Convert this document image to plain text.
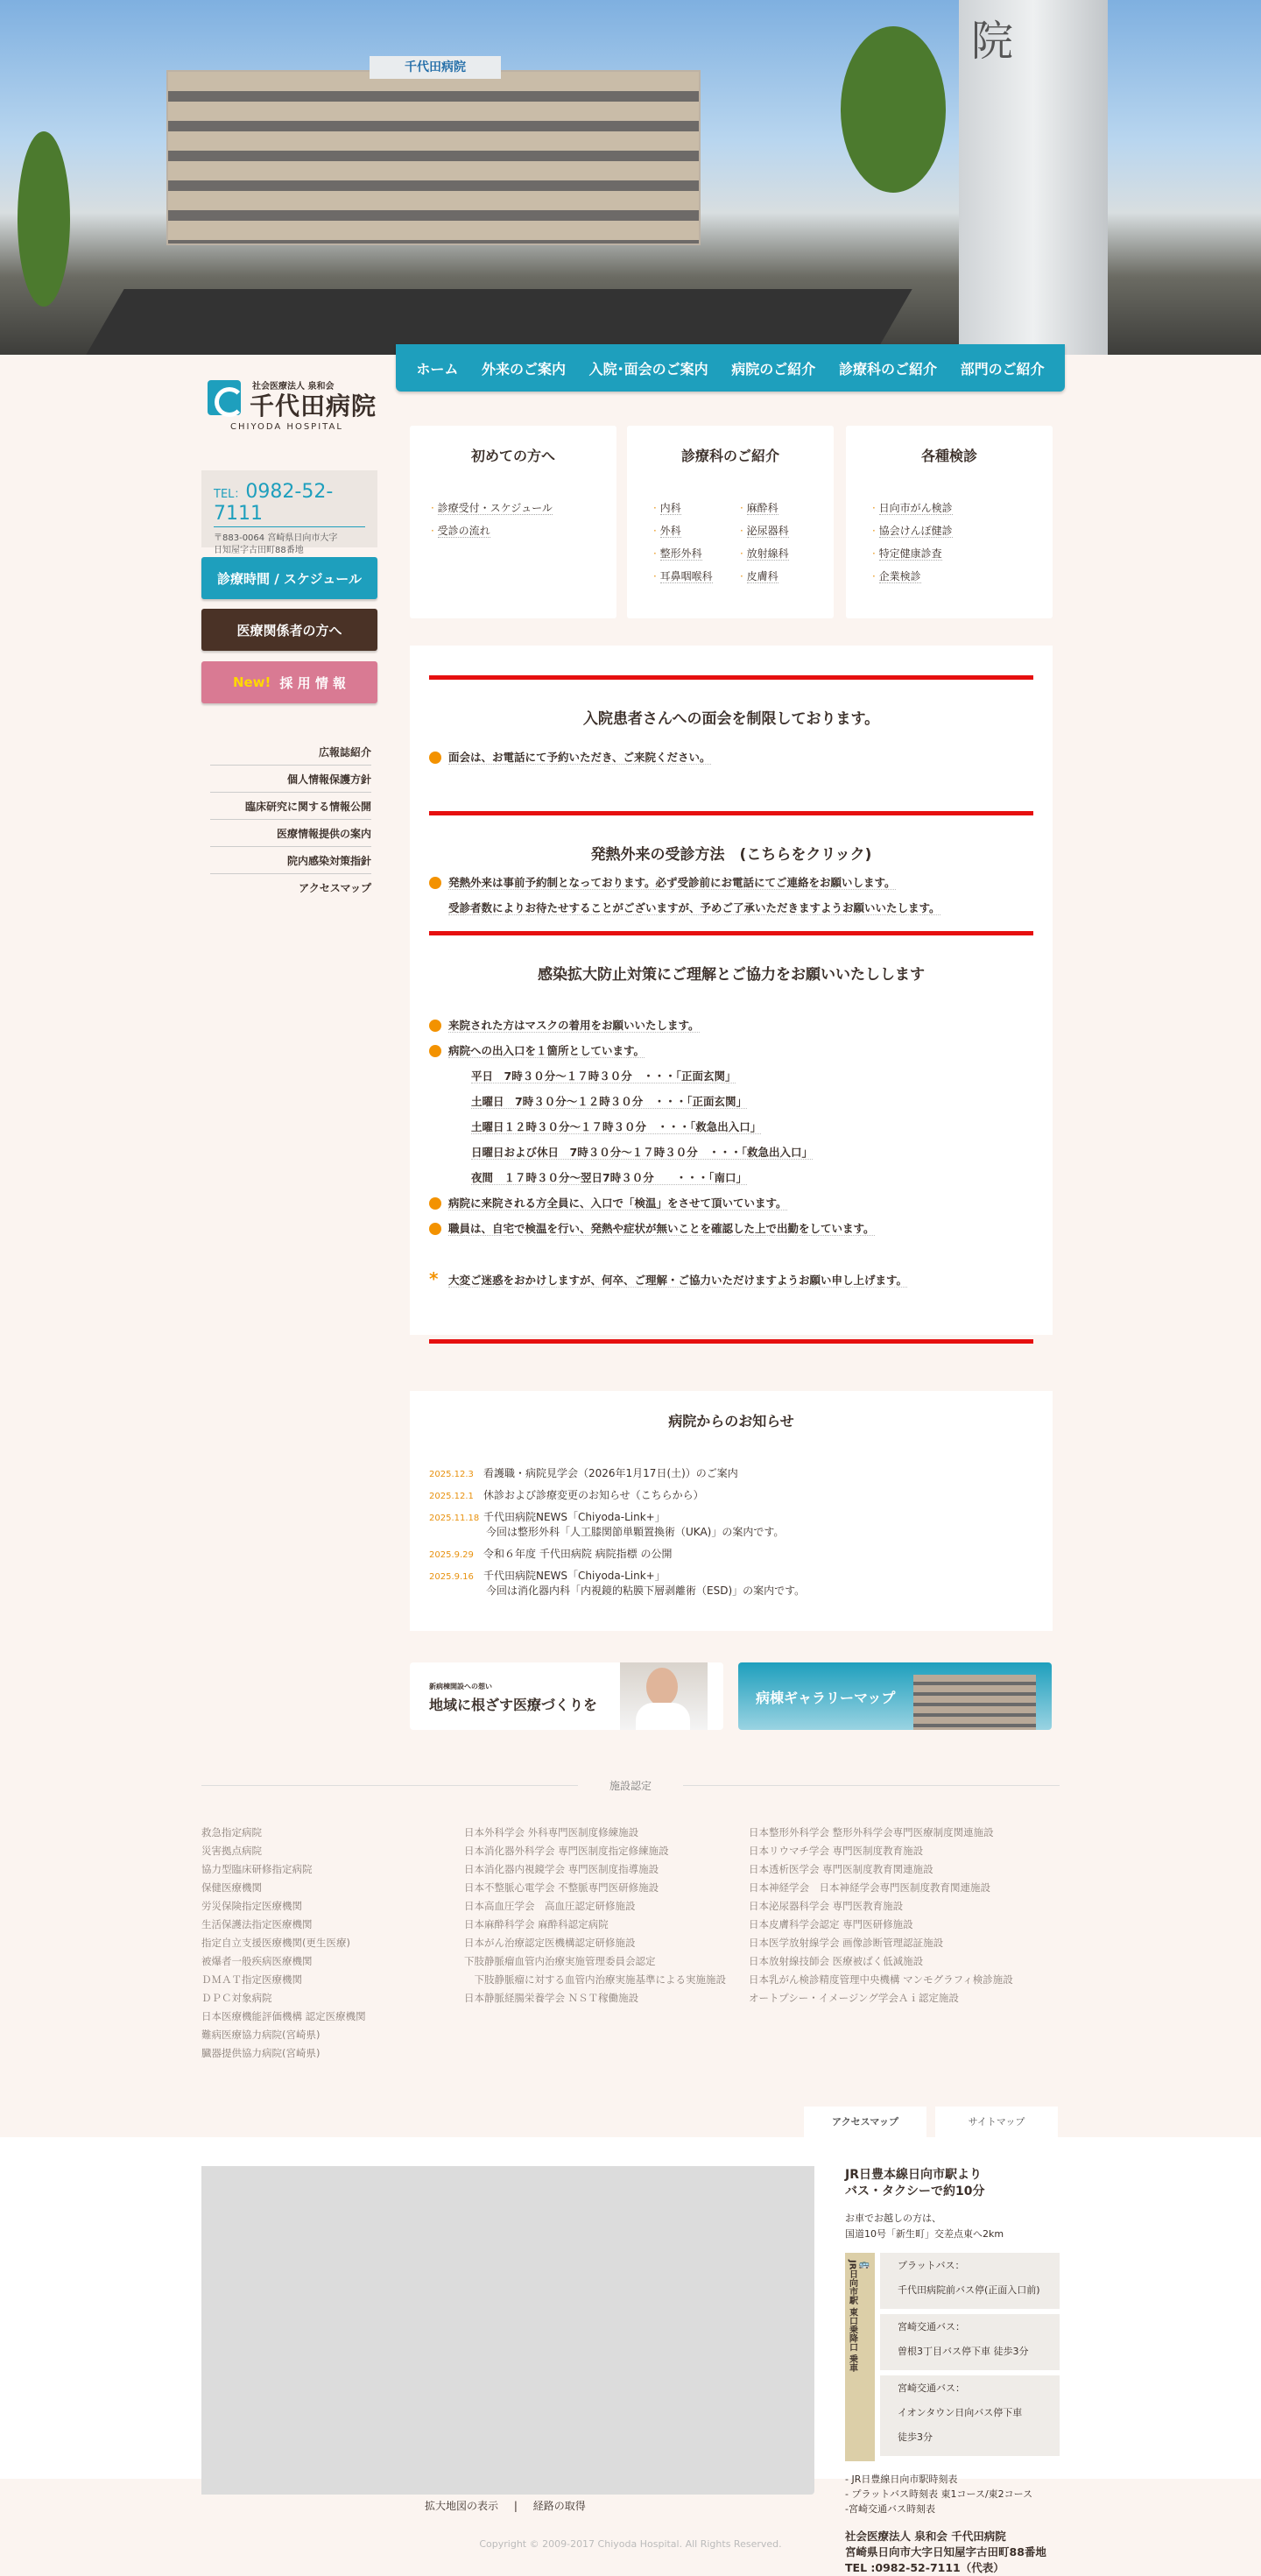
千代田病院
院
ホーム 外来のご案内 入院･面会のご案内 病院のご紹介 診療科のご紹介 部門のご紹介
社会医療法人 泉和会
千代田病院
CHIYODA HOSPITAL
TEL：0982-52-7111
〒883-0064 宮崎県日向市大字
日知屋字古田町88番地
診療時間 / スケジュール
医療関係者の方へ
New! 採 用 情 報
広報誌紹介
個人情報保護方針
臨床研究に関する情報公開
医療情報提供の案内
院内感染対策指針
アクセスマップ
初めての方へ
· 診療受付・スケジュール
· 受診の流れ
診療科のご紹介
· 内科	· 麻酔科
· 外科	· 泌尿器科
· 整形外科	· 放射線科
· 耳鼻咽喉科	· 皮膚科
各種検診
· 日向市がん検診
· 協会けんぽ健診
· 特定健康診査
· 企業検診
入院患者さんへの面会を制限しております。
面会は、お電話にて予約いただき、ご来院ください。
発熱外来の受診方法　(こちらをクリック)
発熱外来は事前予約制となっております。必ず受診前にお電話にてご連絡をお願いします。
受診者数によりお待たせすることがございますが、予めご了承いただきますようお願いいたします。
感染拡大防止対策にご理解とご協力をお願いいたしします
来院された方はマスクの着用をお願いいたします。
病院への出入口を１箇所としています。
平日　7時３０分～１７時３０分　・・・「正面玄関」
土曜日　7時３０分～１２時３０分　・・・「正面玄関」
土曜日１２時３０分～１７時３０分　・・・「救急出入口」
日曜日および休日　7時３０分～１７時３０分　・・・「救急出入口」
夜間　１７時３０分～翌日7時３０分　　・・・「南口」
病院に来院される方全員に、入口で「検温」をさせて頂いています。
職員は、自宅で検温を行い、発熱や症状が無いことを確認した上で出勤をしています。
* 大変ご迷惑をおかけしますが、何卒、ご理解・ご協力いただけますようお願い申し上げます。
病院からのお知らせ
2025.12.3 看護職・病院見学会（2026年1月17日(土)）のご案内
2025.12.1 休診および診療変更のお知らせ（こちらから）
2025.11.18 千代田病院NEWS「Chiyoda-Link+」
今回は整形外科「人工膝関節単顆置換術（UKA)」の案内です。
2025.9.29 令和６年度 千代田病院 病院指標 の公開
2025.9.16 千代田病院NEWS「Chiyoda-Link+」
今回は消化器内科「内視鏡的粘膜下層剥離術（ESD)」の案内です。
新病棟開設への想い
地域に根ざす医療づくりを	病棟ギャラリーマップ
施設認定
救急指定病院
災害拠点病院
協力型臨床研修指定病院
保健医療機関
労災保険指定医療機関
生活保護法指定医療機関
指定自立支援医療機関(更生医療)
被爆者一般疾病医療機関
ＤＭＡＴ指定医療機関
ＤＰＣ対象病院
日本医療機能評価機構 認定医療機関
難病医療協力病院(宮崎県)
臓器提供協力病院(宮崎県)
日本外科学会 外科専門医制度修練施設
日本消化器外科学会 専門医制度指定修練施設
日本消化器内視鏡学会 専門医制度指導施設
日本不整脈心電学会 不整脈専門医研修施設
日本高血圧学会　高血圧認定研修施設
日本麻酔科学会 麻酔科認定病院
日本がん治療認定医機構認定研修施設
下肢静脈瘤血管内治療実施管理委員会認定
　下肢静脈瘤に対する血管内治療実施基準による実施施設
日本静脈経腸栄養学会 ＮＳＴ稼働施設
日本整形外科学会 整形外科学会専門医療制度関連施設
日本リウマチ学会 専門医制度教育施設
日本透析医学会 専門医制度教育関連施設
日本神経学会　日本神経学会専門医制度教育関連施設
日本泌尿器科学会 専門医教育施設
日本皮膚科学会認定 専門医研修施設
日本医学放射線学会 画像診断管理認証施設
日本放射線技師会 医療被ばく低減施設
日本乳がん検診精度管理中央機構 マンモグラフィ検診施設
オートプシー・イメージング学会Ａｉ認定施設
アクセスマップ	サイトマップ
拡大地図の表示 | 経路の取得
JR日豊本線日向市駅より
バス・タクシーで約10分
お車でお越しの方は、
国道10号「新生町」交差点東へ2km
🚌
JR日向市駅 東口乗降口 乗車	プラットバス：
千代田病院前バス停(正面入口前)
宮崎交通バス：
曽根3丁目バス停下車 徒歩3分
宮崎交通バス：
イオンタウン日向バス停下車
徒歩3分
- JR日豊線日向市駅時刻表
- プラットバス時刻表 東1コース/東2コース
-宮崎交通バス時刻表
社会医療法人 泉和会 千代田病院
宮崎県日向市大字日知屋字古田町88番地
TEL :0982-52-7111（代表）
Copyright © 2009-2017 Chiyoda Hospital. All Rights Reserved.
